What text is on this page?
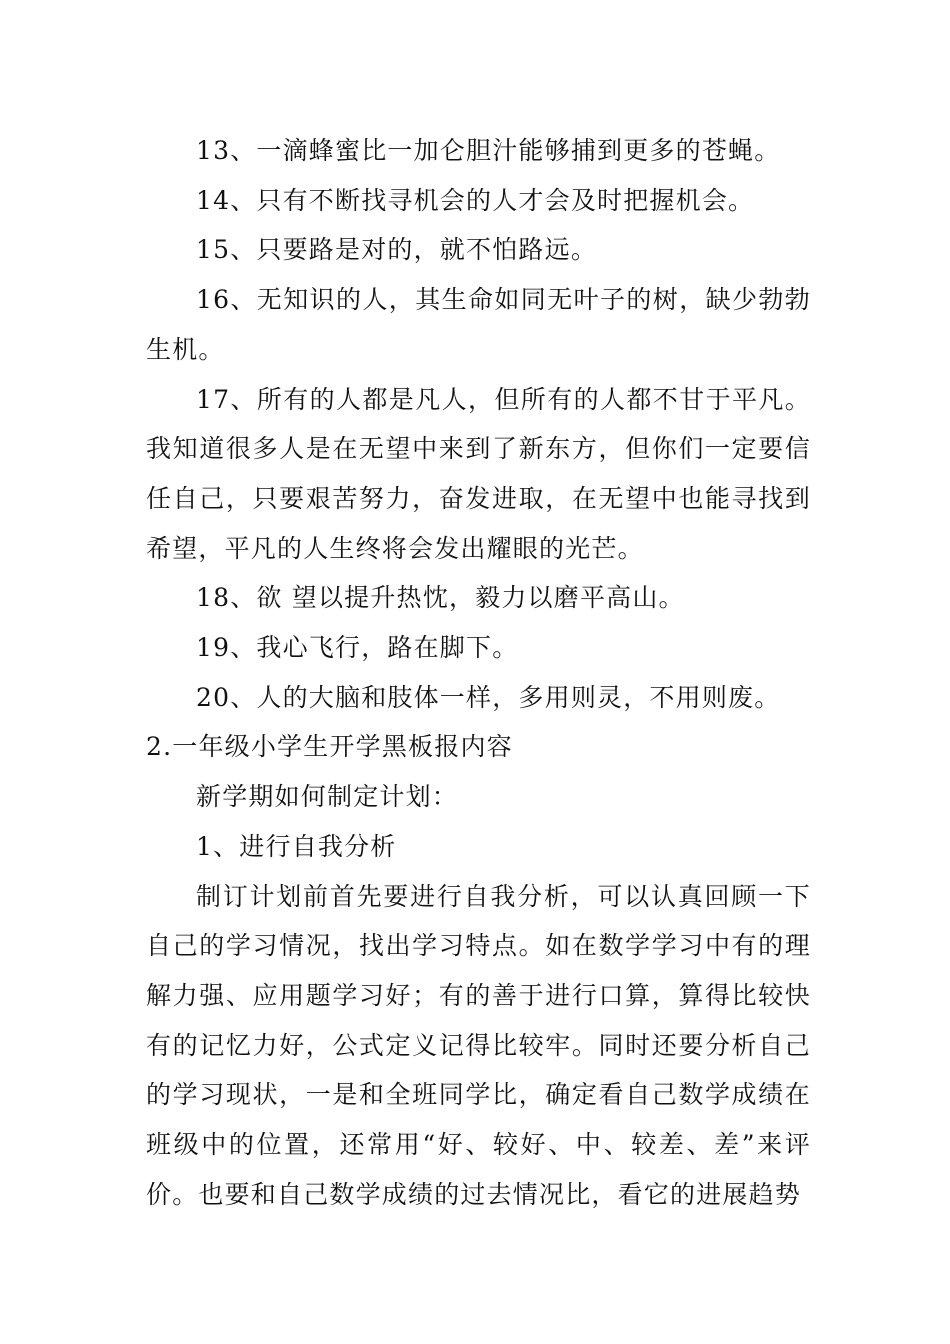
13、一滴蜂蜜比一加仑胆汁能够捕到更多的苍蝇。

14、只有不断找寻机会的人才会及时把握机会。

15、只要路是对的，就不怕路远。

16、无知识的人，其生命如同无叶子的树，缺少勃勃生机。

17、所有的人都是凡人，但所有的人都不甘于平凡。我知道很多人是在无望中来到了新东方，但你们一定要信任自己，只要艰苦努力，奋发进取，在无望中也能寻找到希望，平凡的人生终将会发出耀眼的光芒。

18、欲 望以提升热忱，毅力以磨平高山。

19、我心飞行，路在脚下。

20、人的大脑和肢体一样，多用则灵，不用则废。

2.一年级小学生开学黑板报内容

新学期如何制定计划：

1、进行自我分析

制订计划前首先要进行自我分析，可以认真回顾一下自己的学习情况，找出学习特点。如在数学学习中有的理解力强、应用题学习好；有的善于进行口算，算得比较快有的记忆力好，公式定义记得比较牢。同时还要分析自己的学习现状，一是和全班同学比，确定看自己数学成绩在班级中的位置，还常用“好、较好、中、较差、差”来评价。也要和自己数学成绩的过去情况比，看它的进展趋势
